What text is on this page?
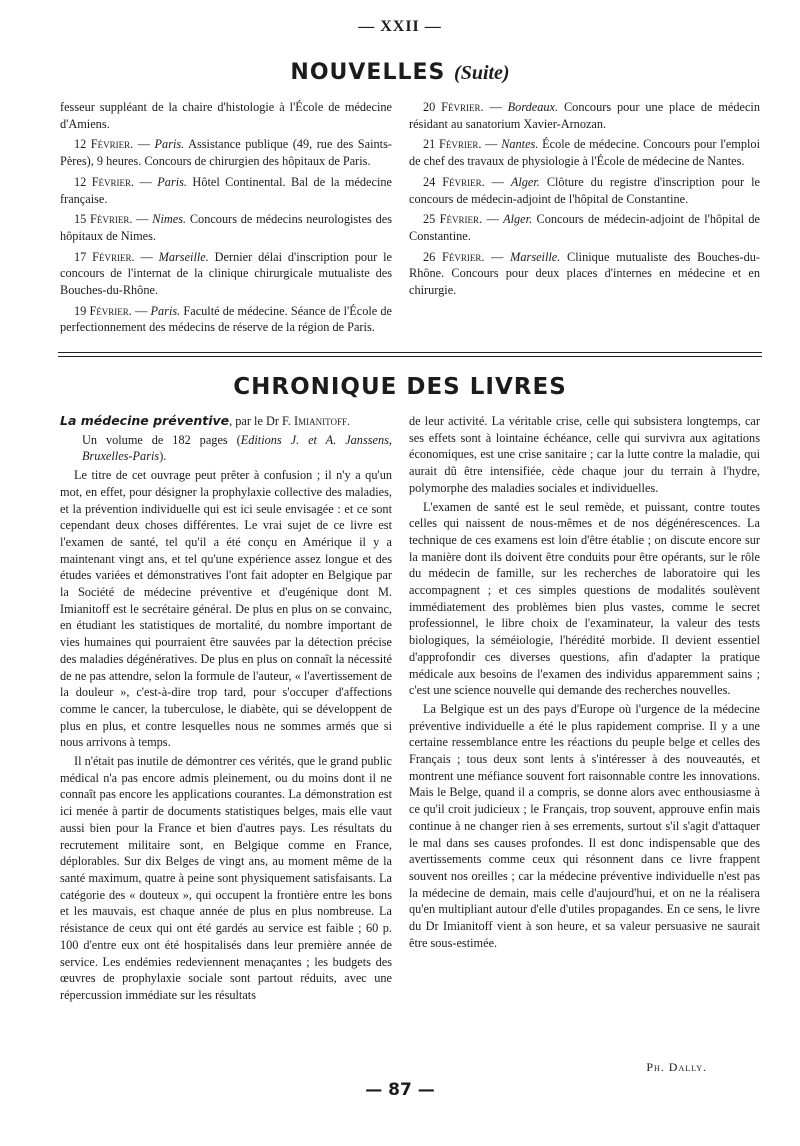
— XXII —
NOUVELLES (Suite)

fesseur suppléant de la chaire d'histologie à l'École de médecine d'Amiens.

12 Février. — Paris. Assistance publique (49, rue des Saints-Pères), 9 heures. Concours de chirurgien des hôpitaux de Paris.

12 Février. — Paris. Hôtel Continental. Bal de la médecine française.

15 Février. — Nimes. Concours de médecins neurologistes des hôpitaux de Nimes.

17 Février. — Marseille. Dernier délai d'inscription pour le concours de l'internat de la clinique chirurgicale mutualiste des Bouches-du-Rhône.

19 Février. — Paris. Faculté de médecine. Séance de l'École de perfectionnement des médecins de réserve de la région de Paris.

20 Février. — Bordeaux. Concours pour une place de médecin résidant au sanatorium Xavier-Arnozan.

21 Février. — Nantes. École de médecine. Concours pour l'emploi de chef des travaux de physiologie à l'École de médecine de Nantes.

24 Février. — Alger. Clôture du registre d'inscription pour le concours de médecin-adjoint de l'hôpital de Constantine.

25 Février. — Alger. Concours de médecin-adjoint de l'hôpital de Constantine.

26 Février. — Marseille. Clinique mutualiste des Bouches-du-Rhône. Concours pour deux places d'internes en médecine et en chirurgie.

CHRONIQUE DES LIVRES

La médecine préventive, par le Dr F. Imianitoff.

Un volume de 182 pages (Editions J. et A. Janssens, Bruxelles-Paris).

Le titre de cet ouvrage peut prêter à confusion ; il n'y a qu'un mot, en effet, pour désigner la prophylaxie collective des maladies, et la prévention individuelle qui est ici seule envisagée : et ce sont cependant deux choses différentes. Le vrai sujet de ce livre est l'examen de santé, tel qu'il a été conçu en Amérique il y a maintenant vingt ans, et tel qu'une expérience assez longue et des études variées et démonstratives l'ont fait adopter en Belgique par la Société de médecine préventive et d'eugénique dont M. Imianitoff est le secrétaire général. De plus en plus on se convainc, en étudiant les statistiques de mortalité, du nombre important de vies humaines qui pourraient être sauvées par la détection précise des maladies dégénératives. De plus en plus on connaît la nécessité de ne pas attendre, selon la formule de l'auteur, « l'avertissement de la douleur », c'est-à-dire trop tard, pour s'occuper d'affections comme le cancer, la tuberculose, le diabète, qui se développent de plus en plus, et contre lesquelles nous ne sommes armés que si nous arrivons à temps.

Il n'était pas inutile de démontrer ces vérités, que le grand public médical n'a pas encore admis pleinement, ou du moins dont il ne connaît pas encore les applications courantes. La démonstration est ici menée à partir de documents statistiques belges, mais elle vaut aussi bien pour la France et bien d'autres pays. Les résultats du recrutement militaire sont, en Belgique comme en France, déplorables. Sur dix Belges de vingt ans, au moment même de la santé maximum, quatre à peine sont physiquement satisfaisants. La catégorie des « douteux », qui occupent la frontière entre les bons et les mauvais, est chaque année de plus en plus nombreuse. La résistance de ceux qui ont été gardés au service est faible ; 60 p. 100 d'entre eux ont été hospitalisés dans leur première année de service. Les endémies redeviennent menaçantes ; les budgets des œuvres de prophylaxie sociale sont partout réduits, avec une répercussion immédiate sur les résultats

de leur activité. La véritable crise, celle qui subsistera longtemps, car ses effets sont à lointaine échéance, celle qui survivra aux agitations économiques, est une crise sanitaire ; car la lutte contre la maladie, qui aurait dû être intensifiée, cède chaque jour du terrain à l'hydre, polymorphe des maladies sociales et individuelles.

L'examen de santé est le seul remède, et puissant, contre toutes celles qui naissent de nous-mêmes et de nos dégénérescences. La technique de ces examens est loin d'être établie ; on discute encore sur la manière dont ils doivent être conduits pour être opérants, sur le rôle du médecin de famille, sur les recherches de laboratoire qui les accompagnent ; et ces simples questions de modalités soulèvent immédiatement des problèmes bien plus vastes, comme le secret professionnel, le libre choix de l'examinateur, la valeur des tests biologiques, la séméiologie, l'hérédité morbide. Il devient essentiel d'approfondir ces diverses questions, afin d'adapter la pratique médicale aux besoins de l'examen des individus apparemment sains ; c'est une science nouvelle qui demande des recherches nouvelles.

La Belgique est un des pays d'Europe où l'urgence de la médecine préventive individuelle a été le plus rapidement comprise. Il y a une certaine ressemblance entre les réactions du peuple belge et celles des Français ; tous deux sont lents à s'intéresser à des nouveautés, et montrent une méfiance souvent fort raisonnable contre les innovations. Mais le Belge, quand il a compris, se donne alors avec enthousiasme à ce qu'il croit judicieux ; le Français, trop souvent, approuve enfin mais continue à ne changer rien à ses errements, surtout s'il s'agit d'attaquer le mal dans ses causes profondes. Il est donc indispensable que des avertissements comme ceux qui résonnent dans ce livre frappent souvent nos oreilles ; car la médecine préventive individuelle n'est pas la médecine de demain, mais celle d'aujourd'hui, et on ne la réalisera qu'en multipliant autour d'elle d'utiles propagandes. En ce sens, le livre du Dr Imianitoff vient à son heure, et sa valeur persuasive ne saurait être sous-estimée.

Ph. Dally.
— 87 —
